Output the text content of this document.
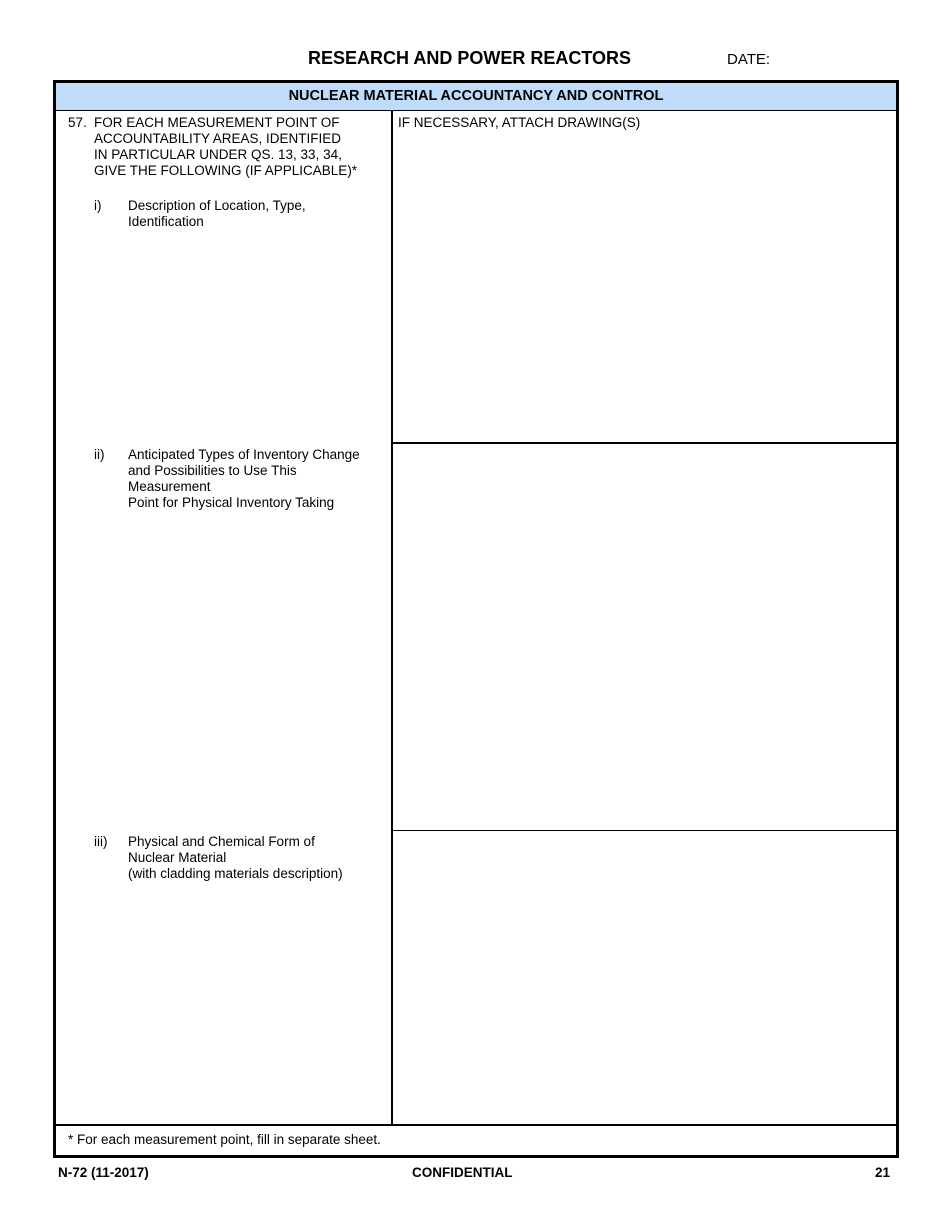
RESEARCH AND POWER REACTORS	DATE:
NUCLEAR MATERIAL ACCOUNTANCY AND CONTROL
57. FOR EACH MEASUREMENT POINT OF
ACCOUNTABILITY AREAS, IDENTIFIED
IN PARTICULAR UNDER QS. 13, 33, 34,
GIVE THE FOLLOWING (IF APPLICABLE)*
i) Description of Location, Type,
Identification
ii) Anticipated Types of Inventory Change
and Possibilities to Use This
Measurement
Point for Physical Inventory Taking
iii) Physical and Chemical Form of
Nuclear Material
(with cladding materials description)
IF NECESSARY, ATTACH DRAWING(S)
* For each measurement point, fill in separate sheet.
N-72 (11-2017)	CONFIDENTIAL	21
